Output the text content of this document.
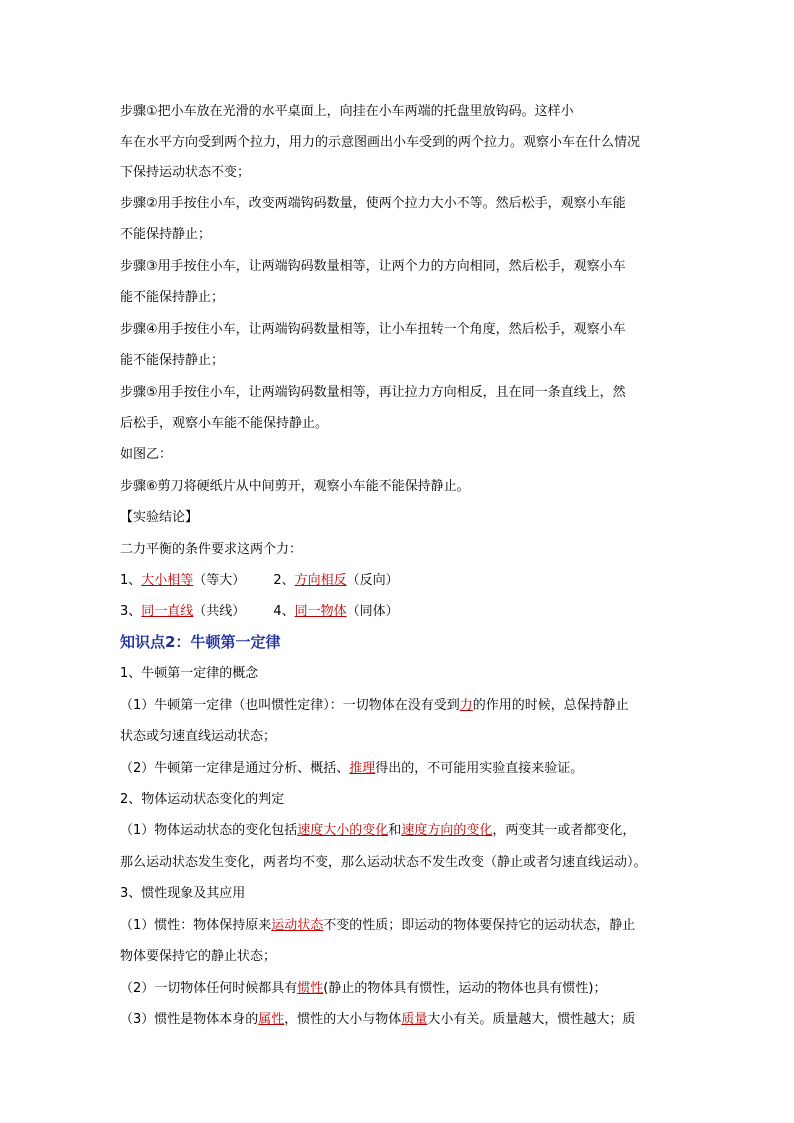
步骤①把小车放在光滑的水平桌面上，向挂在小车两端的托盘里放钩码。这样小
车在水平方向受到两个拉力，用力的示意图画出小车受到的两个拉力。观察小车在什么情况
下保持运动状态不变；
步骤②用手按住小车，改变两端钩码数量，使两个拉力大小不等。然后松手，观察小车能
不能保持静止；
步骤③用手按住小车，让两端钩码数量相等，让两个力的方向相同，然后松手，观察小车
能不能保持静止；
步骤④用手按住小车，让两端钩码数量相等，让小车扭转一个角度，然后松手，观察小车
能不能保持静止；
步骤⑤用手按住小车，让两端钩码数量相等，再让拉力方向相反，且在同一条直线上，然
后松手，观察小车能不能保持静止。
如图乙：
步骤⑥剪刀将硬纸片从中间剪开，观察小车能不能保持静止。
【实验结论】
二力平衡的条件要求这两个力：
1、大小相等（等大） 2、方向相反（反向）
3、同一直线（共线） 4、同一物体（同体）
知识点2：牛顿第一定律
1、牛顿第一定律的概念
（1）牛顿第一定律（也叫惯性定律）：一切物体在没有受到力的作用的时候，总保持静止
状态或匀速直线运动状态；
（2）牛顿第一定律是通过分析、概括、推理得出的，不可能用实验直接来验证。
2、物体运动状态变化的判定
（1）物体运动状态的变化包括速度大小的变化和速度方向的变化，两变其一或者都变化，
那么运动状态发生变化，两者均不变，那么运动状态不发生改变（静止或者匀速直线运动）。
3、惯性现象及其应用
（1）惯性：物体保持原来运动状态不变的性质；即运动的物体要保持它的运动状态，静止
物体要保持它的静止状态；
（2）一切物体任何时候都具有惯性(静止的物体具有惯性，运动的物体也具有惯性)；
（3）惯性是物体本身的属性，惯性的大小与物体质量大小有关。质量越大，惯性越大；质
